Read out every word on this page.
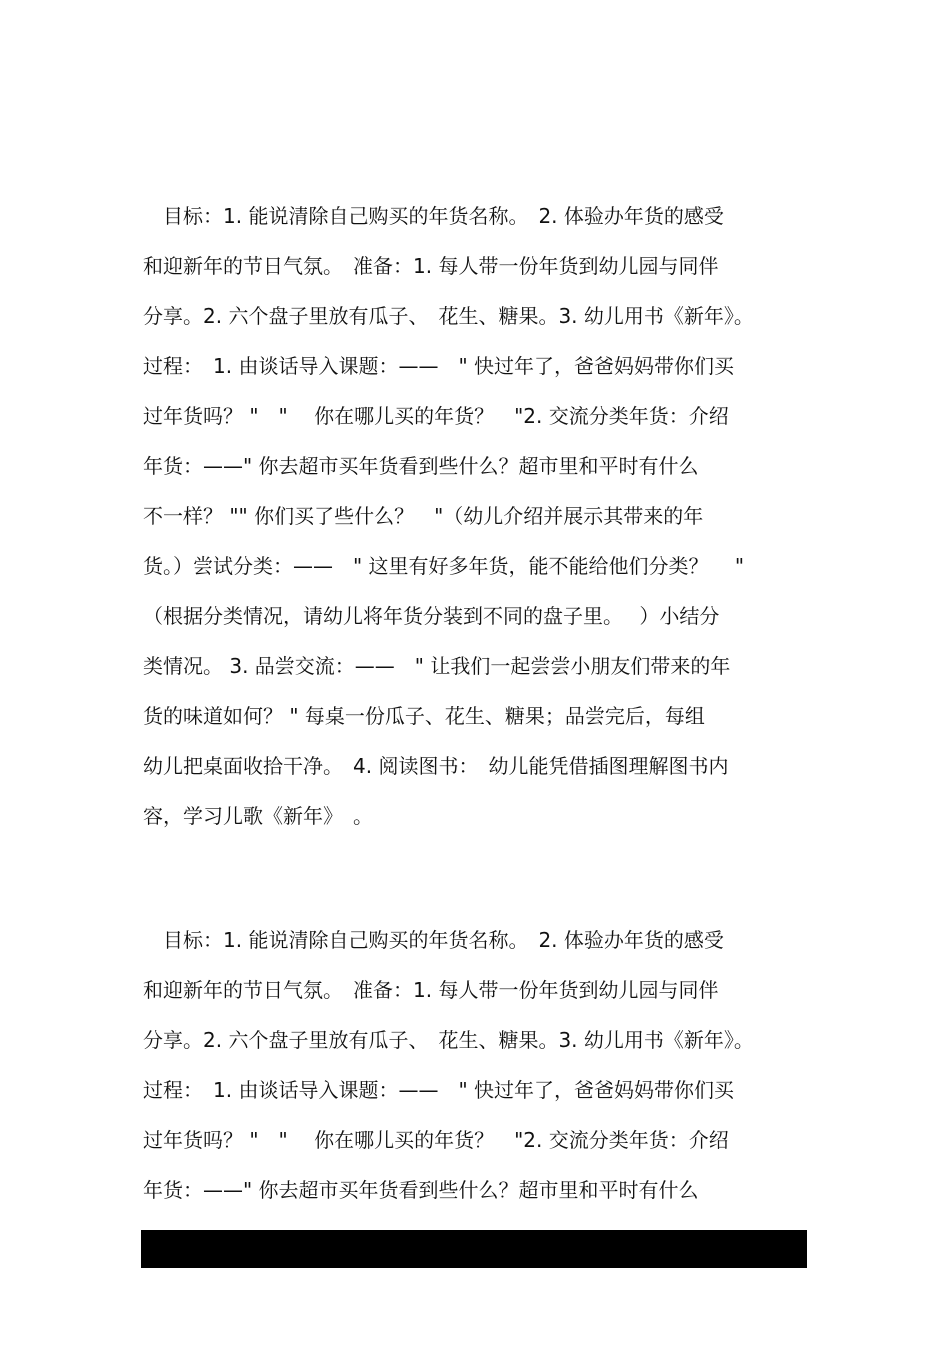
　目标：1. 能说清除自己购买的年货名称。　2. 体验办年货的感受
和迎新年的节日气氛。　准备：1. 每人带一份年货到幼儿园与同伴
分享。2. 六个盘子里放有瓜子、　花生、糖果。3. 幼儿用书《新年》。
过程：　1. 由谈话导入课题：——　" 快过年了，爸爸妈妈带你们买
过年货吗？ "　"　 你在哪儿买的年货？　"2. 交流分类年货：介绍
年货：——" 你去超市买年货看到些什么？超市里和平时有什么
不一样？ "" 你们买了些什么？　"（幼儿介绍并展示其带来的年
货。）尝试分类：——　" 这里有好多年货，能不能给他们分类？　 "
（根据分类情况，请幼儿将年货分装到不同的盘子里。　 ）小结分
类情况。 3. 品尝交流：——　" 让我们一起尝尝小朋友们带来的年
货的味道如何？ " 每桌一份瓜子、花生、糖果；品尝完后，每组
幼儿把桌面收拾干净。　4. 阅读图书：　幼儿能凭借插图理解图书内
容，学习儿歌《新年》　。
　目标：1. 能说清除自己购买的年货名称。　2. 体验办年货的感受
和迎新年的节日气氛。　准备：1. 每人带一份年货到幼儿园与同伴
分享。2. 六个盘子里放有瓜子、　花生、糖果。3. 幼儿用书《新年》。
过程：　1. 由谈话导入课题：——　" 快过年了，爸爸妈妈带你们买
过年货吗？ "　"　 你在哪儿买的年货？　"2. 交流分类年货：介绍
年货：——" 你去超市买年货看到些什么？超市里和平时有什么
